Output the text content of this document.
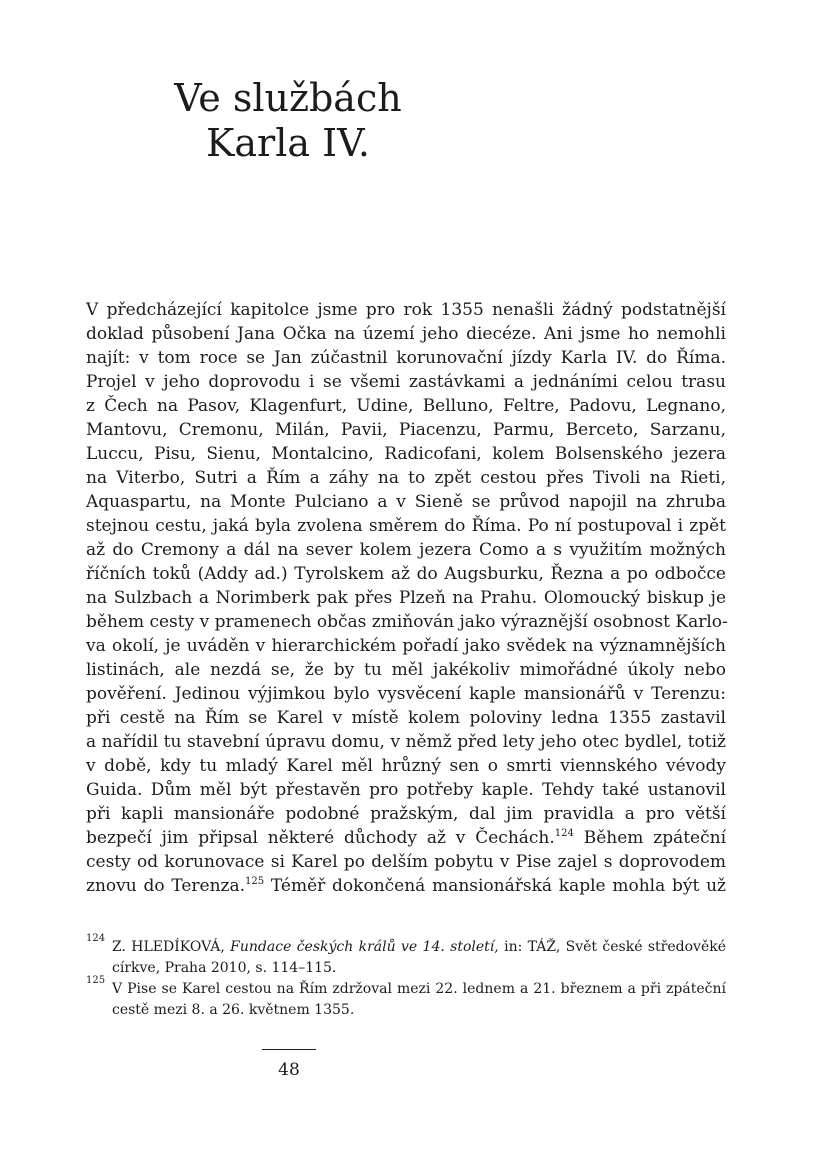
Ve službách
Karla IV.
V předcházející kapitolce jsme pro rok 1355 nenašli žádný podstatnější
doklad působení Jana Očka na území jeho diecéze. Ani jsme ho nemohli
najít: v tom roce se Jan zúčastnil korunovační jízdy Karla IV. do Říma.
Projel v jeho doprovodu i se všemi zastávkami a jednáními celou trasu
z Čech na Pasov, Klagenfurt, Udine, Belluno, Feltre, Padovu, Legnano,
Mantovu, Cremonu, Milán, Pavii, Piacenzu, Parmu, Berceto, Sarzanu,
Luccu, Pisu, Sienu, Montalcino, Radicofani, kolem Bolsenského jezera
na Viterbo, Sutri a Řím a záhy na to zpět cestou přes Tivoli na Rieti,
Aquaspartu, na Monte Pulciano a v Sieně se průvod napojil na zhruba
stejnou cestu, jaká byla zvolena směrem do Říma. Po ní postupoval i zpět
až do Cremony a dál na sever kolem jezera Como a s využitím možných
říčních toků (Addy ad.) Tyrolskem až do Augsburku, Řezna a po odbočce
na Sulzbach a Norimberk pak přes Plzeň na Prahu. Olomoucký biskup je
během cesty v pramenech občas zmiňován jako výraznější osobnost Karlo-
va okolí, je uváděn v hierarchickém pořadí jako svědek na významnějších
listinách, ale nezdá se, že by tu měl jakékoliv mimořádné úkoly nebo
pověření. Jedinou výjimkou bylo vysvěcení kaple mansionářů v Terenzu:
při cestě na Řím se Karel v místě kolem poloviny ledna 1355 zastavil
a nařídil tu stavební úpravu domu, v němž před lety jeho otec bydlel, totiž
v době, kdy tu mladý Karel měl hrůzný sen o smrti viennského vévody
Guida. Dům měl být přestavěn pro potřeby kaple. Tehdy také ustanovil
při kapli mansionáře podobné pražským, dal jim pravidla a pro větší
bezpečí jim připsal některé důchody až v Čechách.$^{124}$ Během zpáteční
cesty od korunovace si Karel po delším pobytu v Pise zajel s doprovodem
znovu do Terenza.$^{125}$ Téměř dokončená mansionářská kaple mohla být už
124
Z. HLEDÍKOVÁ, Fundace českých králů ve 14. století, in: TÁŽ, Svět české středověké
církve, Praha 2010, s. 114–115.
125
V Pise se Karel cestou na Řím zdržoval mezi 22. lednem a 21. březnem a při zpáteční
cestě mezi 8. a 26. květnem 1355.
48
